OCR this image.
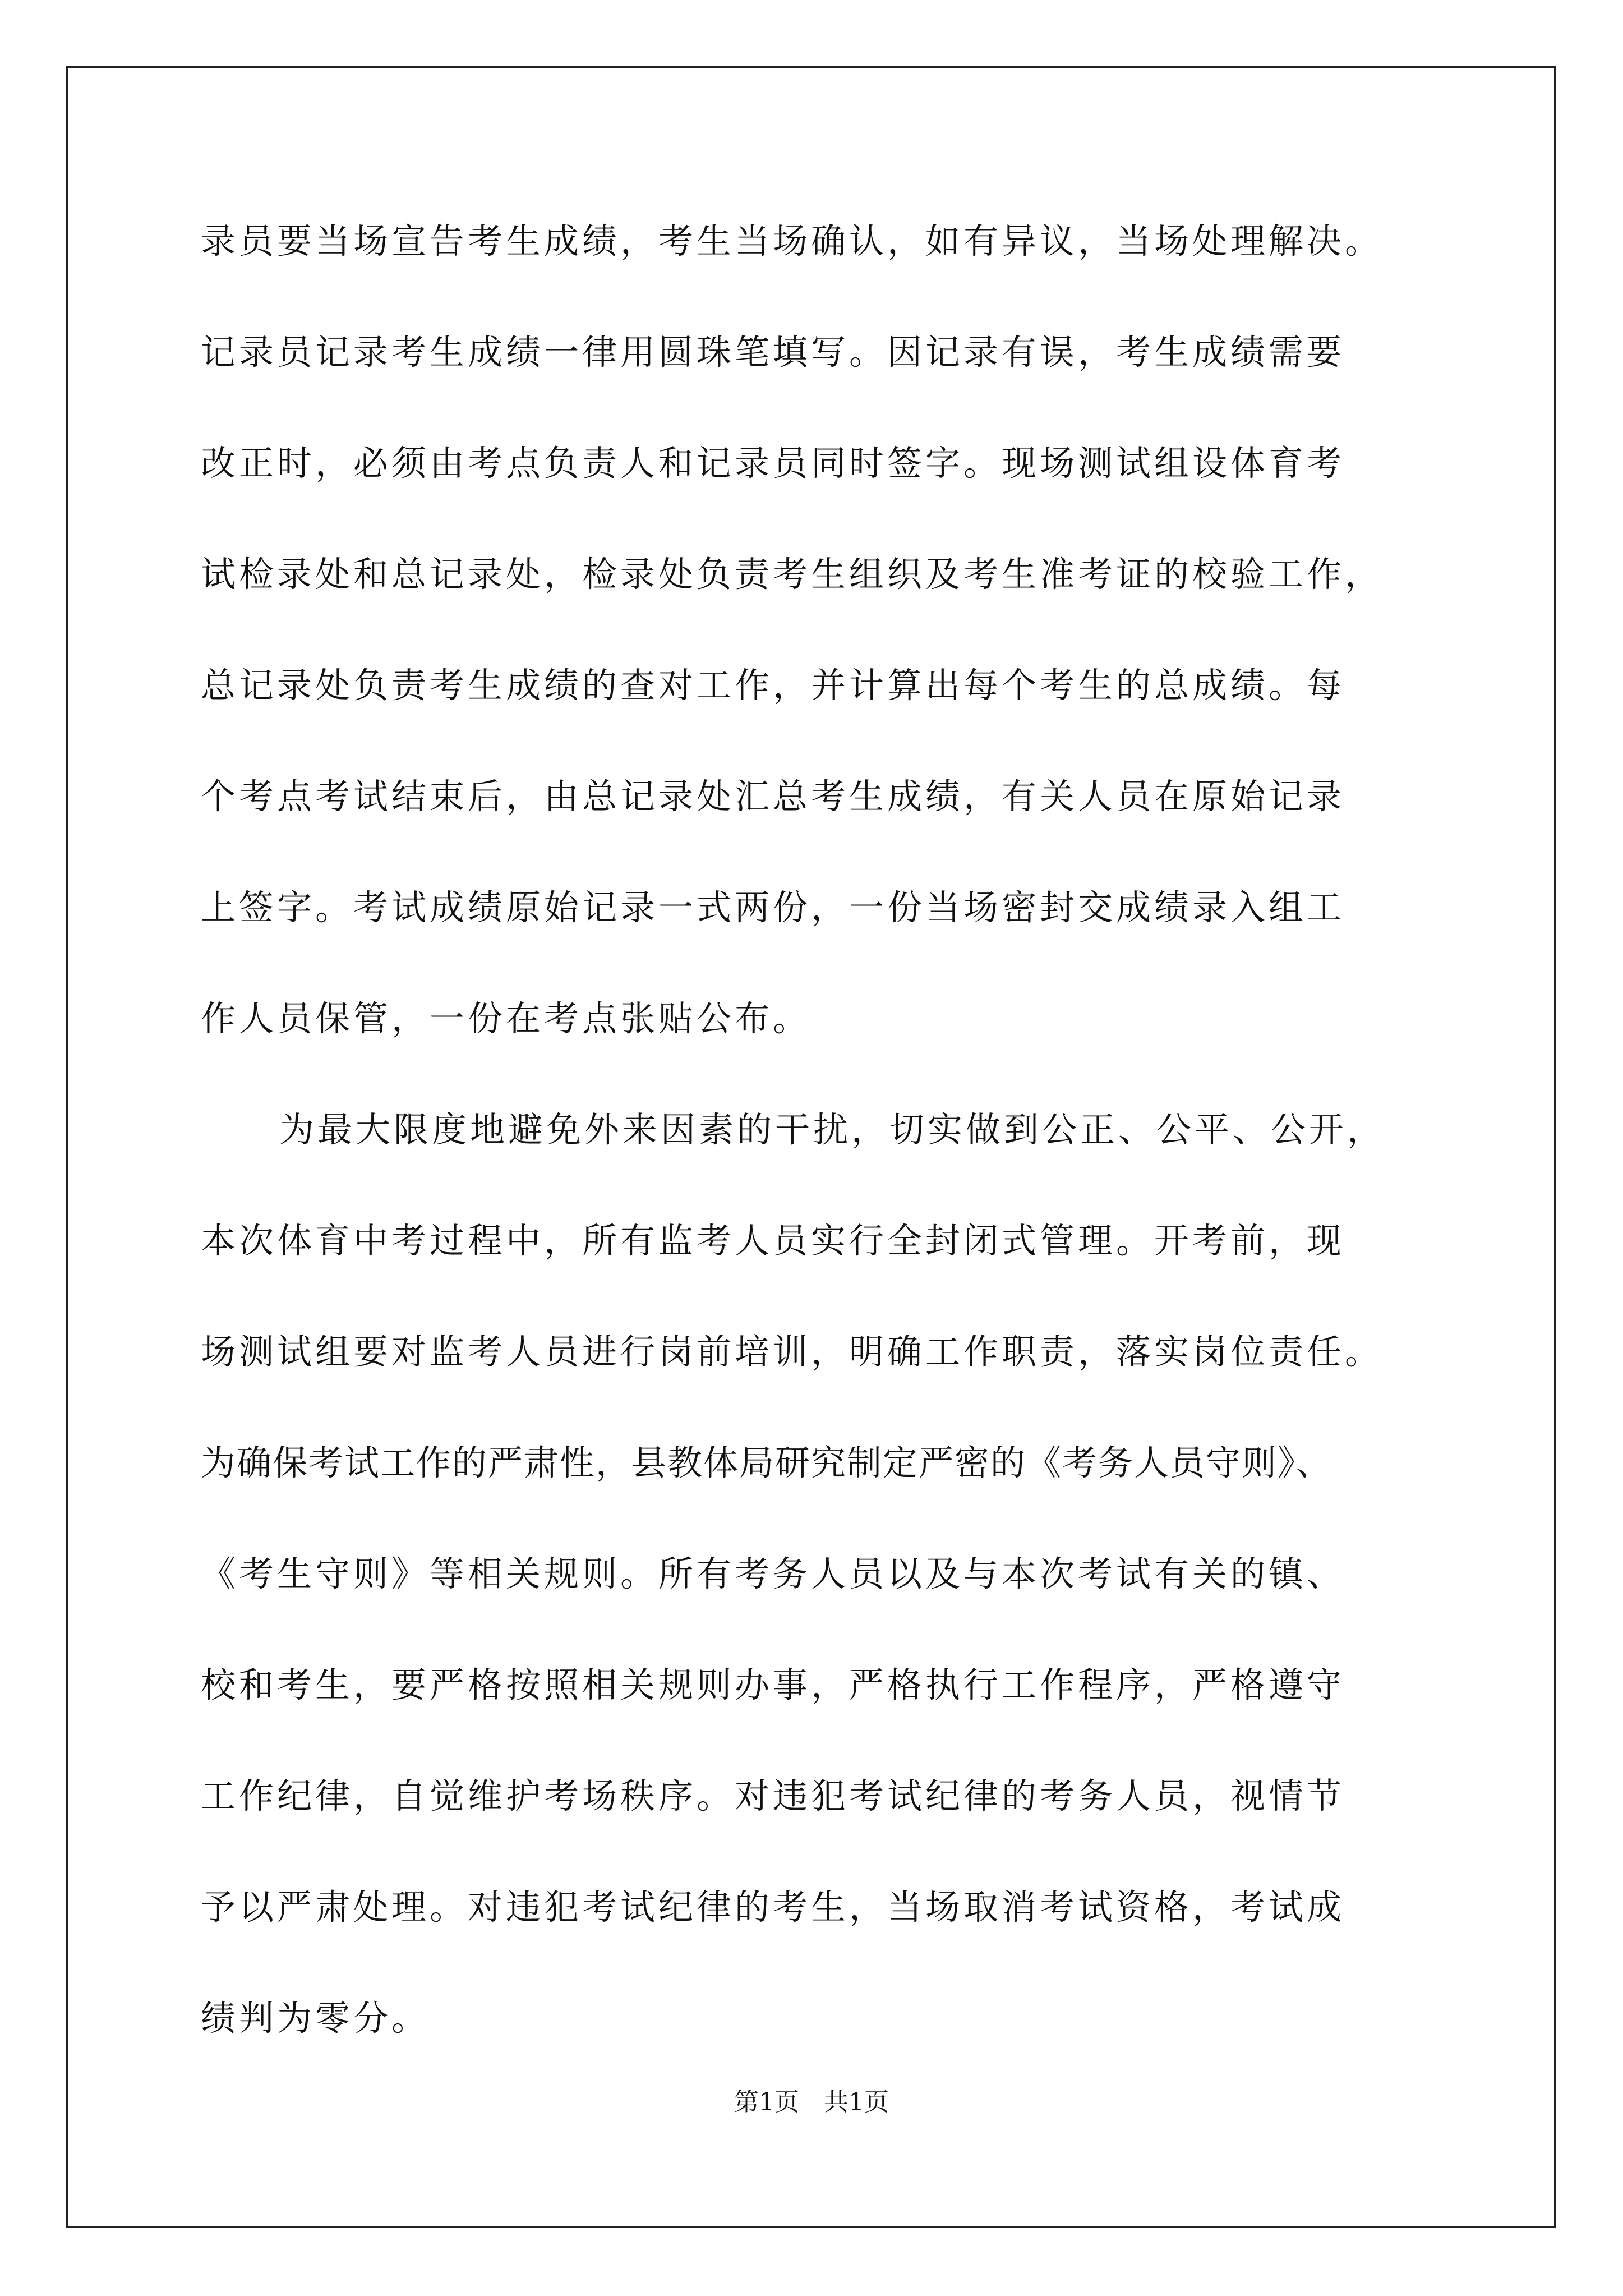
录员要当场宣告考生成绩，考生当场确认，如有异议，当场处理解决。
记录员记录考生成绩一律用圆珠笔填写。因记录有误，考生成绩需要
改正时，必须由考点负责人和记录员同时签字。现场测试组设体育考
试检录处和总记录处，检录处负责考生组织及考生准考证的校验工作，
总记录处负责考生成绩的查对工作，并计算出每个考生的总成绩。每
个考点考试结束后，由总记录处汇总考生成绩，有关人员在原始记录
上签字。考试成绩原始记录一式两份，一份当场密封交成绩录入组工
作人员保管，一份在考点张贴公布。
为最大限度地避免外来因素的干扰，切实做到公正、公平、公开，
本次体育中考过程中，所有监考人员实行全封闭式管理。开考前，现
场测试组要对监考人员进行岗前培训，明确工作职责，落实岗位责任。
为确保考试工作的严肃性，县教体局研究制定严密的《考务人员守则》、
《考生守则》等相关规则。所有考务人员以及与本次考试有关的镇、
校和考生，要严格按照相关规则办事，严格执行工作程序，严格遵守
工作纪律，自觉维护考场秩序。对违犯考试纪律的考务人员，视情节
予以严肃处理。对违犯考试纪律的考生，当场取消考试资格，考试成
绩判为零分。
第1页　共1页
